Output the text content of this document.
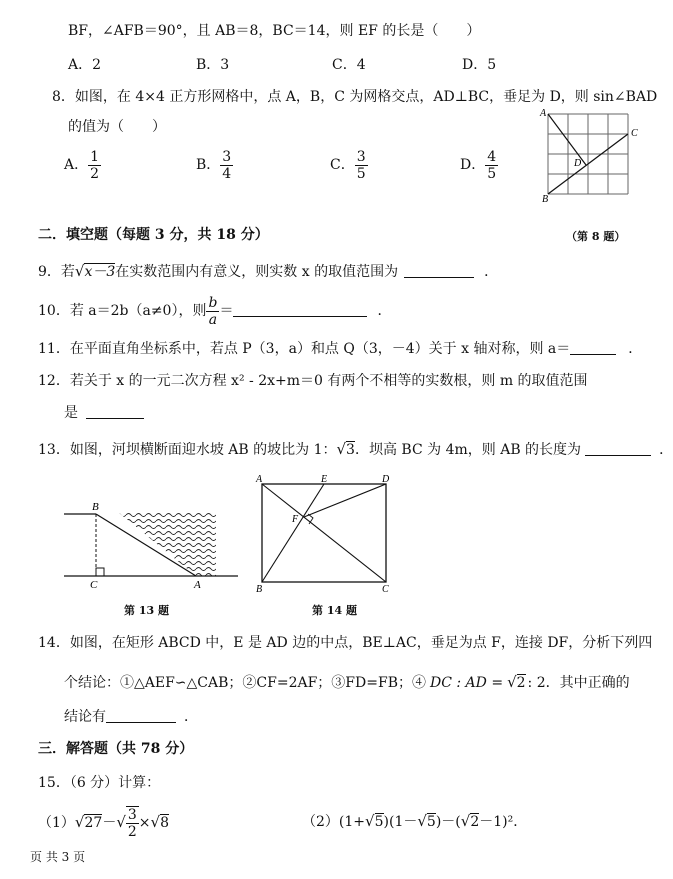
BF，∠AFB＝90°，且 AB＝8，BC＝14，则 EF 的长是（　　）
A．2	B．3	C．4	D．5
8．如图，在 4×4 正方形网格中，点 A，B，C 为网格交点，AD⊥BC，垂足为 D，则 sin∠BAD
的值为（　　）
A． $\frac{1}{2}$	B． $\frac{3}{4}$	C． $\frac{3}{5}$	D． $\frac{4}{5}$
A
B
C
D
二．填空题（每题 3 分，共 18 分）	（第 8 题）
9．若√x－3在实数范围内有意义，则实数 x 的取值范围为	．
10．若 a＝2b（a≠0），则 $\frac{b}{a}$ ＝	．
11．在平面直角坐标系中，若点 P（3，a）和点 Q（3，－4）关于 x 轴对称，则 a＝	．
12．若关于 x 的一元二次方程 x² - 2x+m＝0 有两个不相等的实数根，则 m 的取值范围
是
13．如图，河坝横断面迎水坡 AB 的坡比为 1：√3．坝高 BC 为 4m，则 AB 的长度为	．
B
C	A
A	E	D
F
B	C
第 13 题	第 14 题
14．如图，在矩形 ABCD 中，E 是 AD 边的中点，BE⊥AC，垂足为点 F，连接 DF，分析下列四
个结论：①△AEF∽△CAB；②CF=2AF；③FD=FB；④ DC : AD = √2 : 2．其中正确的
结论有	．
三．解答题（共 78 分）
15．（6 分）计算：
$(1)√27-√ \frac{3}{2} \times√8$	（2）(1+√5)(1－√5)－(√2－1)²．
页 共 3 页
